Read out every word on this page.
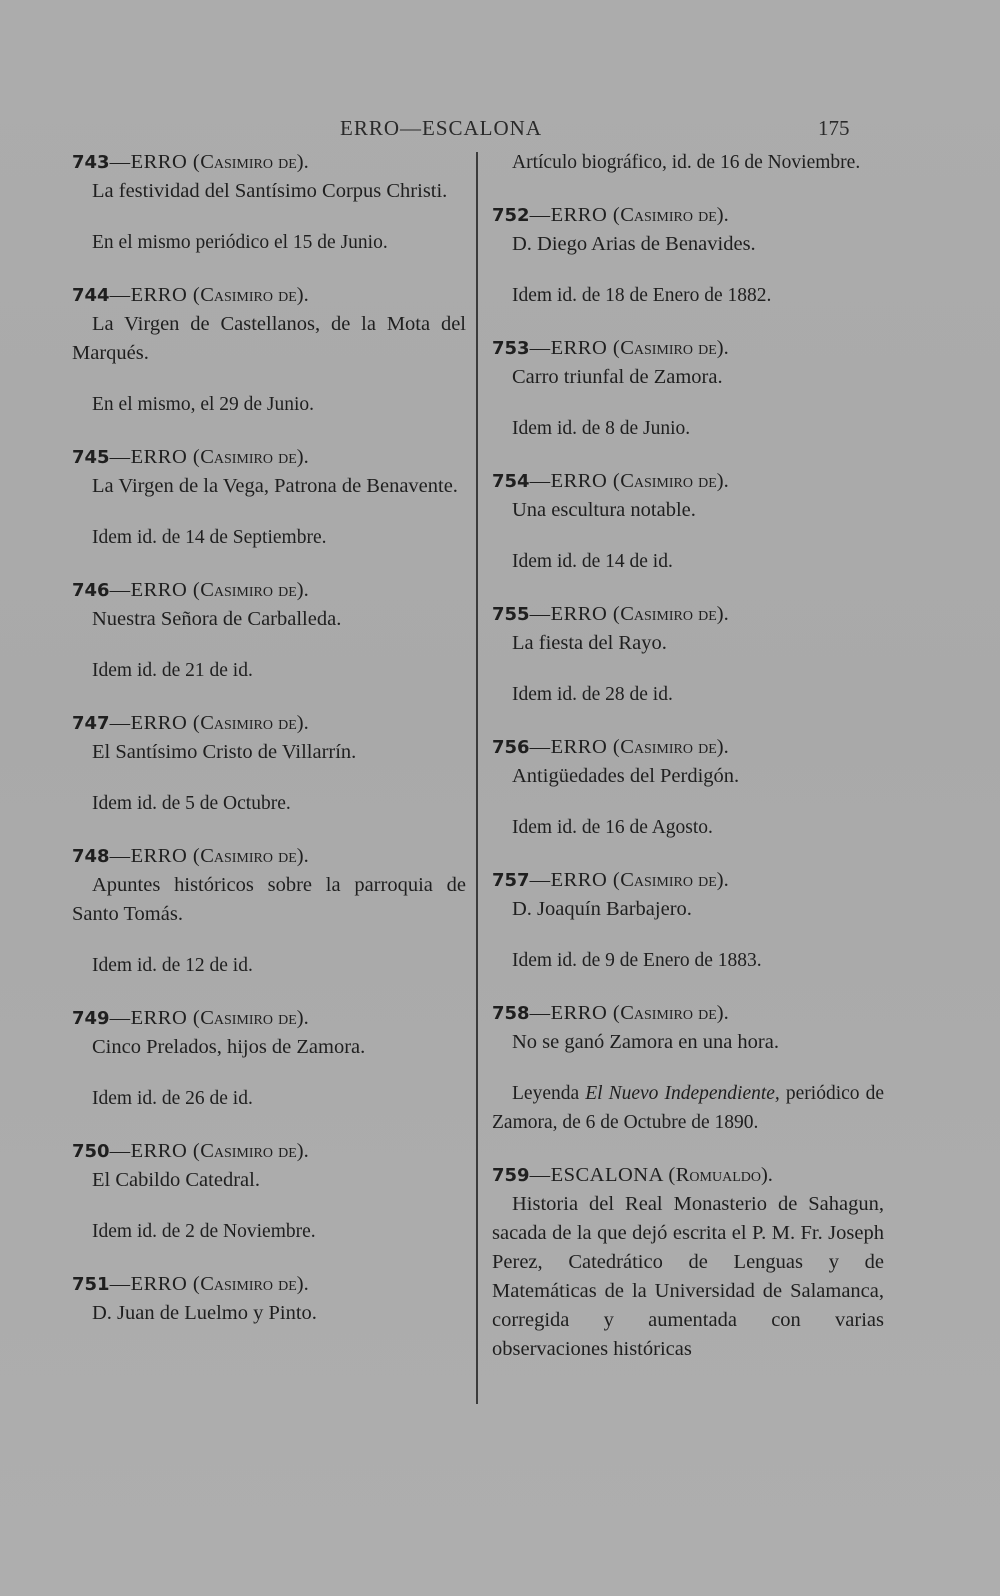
ERRO—ESCALONA	175
743—ERRO (Casimiro de).
La festividad del Santísimo Corpus Christi.
En el mismo periódico el 15 de Junio.
744—ERRO (Casimiro de).
La Virgen de Castellanos, de la Mota del Marqués.
En el mismo, el 29 de Junio.
745—ERRO (Casimiro de).
La Virgen de la Vega, Patrona de Benavente.
Idem id. de 14 de Septiembre.
746—ERRO (Casimiro de).
Nuestra Señora de Carballeda.
Idem id. de 21 de id.
747—ERRO (Casimiro de).
El Santísimo Cristo de Villarrín.
Idem id. de 5 de Octubre.
748—ERRO (Casimiro de).
Apuntes históricos sobre la parroquia de Santo Tomás.
Idem id. de 12 de id.
749—ERRO (Casimiro de).
Cinco Prelados, hijos de Zamora.
Idem id. de 26 de id.
750—ERRO (Casimiro de).
El Cabildo Catedral.
Idem id. de 2 de Noviembre.
751—ERRO (Casimiro de).
D. Juan de Luelmo y Pinto.
Artículo biográfico, id. de 16 de Noviembre.
752—ERRO (Casimiro de).
D. Diego Arias de Benavides.
Idem id. de 18 de Enero de 1882.
753—ERRO (Casimiro de).
Carro triunfal de Zamora.
Idem id. de 8 de Junio.
754—ERRO (Casimiro de).
Una escultura notable.
Idem id. de 14 de id.
755—ERRO (Casimiro de).
La fiesta del Rayo.
Idem id. de 28 de id.
756—ERRO (Casimiro de).
Antigüedades del Perdigón.
Idem id. de 16 de Agosto.
757—ERRO (Casimiro de).
D. Joaquín Barbajero.
Idem id. de 9 de Enero de 1883.
758—ERRO (Casimiro de).
No se ganó Zamora en una hora.
Leyenda El Nuevo Independiente, periódico de Zamora, de 6 de Octubre de 1890.
759—ESCALONA (Romualdo).
Historia del Real Monasterio de Sahagun, sacada de la que dejó escrita el P. M. Fr. Joseph Perez, Catedrático de Lenguas y de Matemáticas de la Universidad de Salamanca, corregida y aumentada con varias observaciones históricas
